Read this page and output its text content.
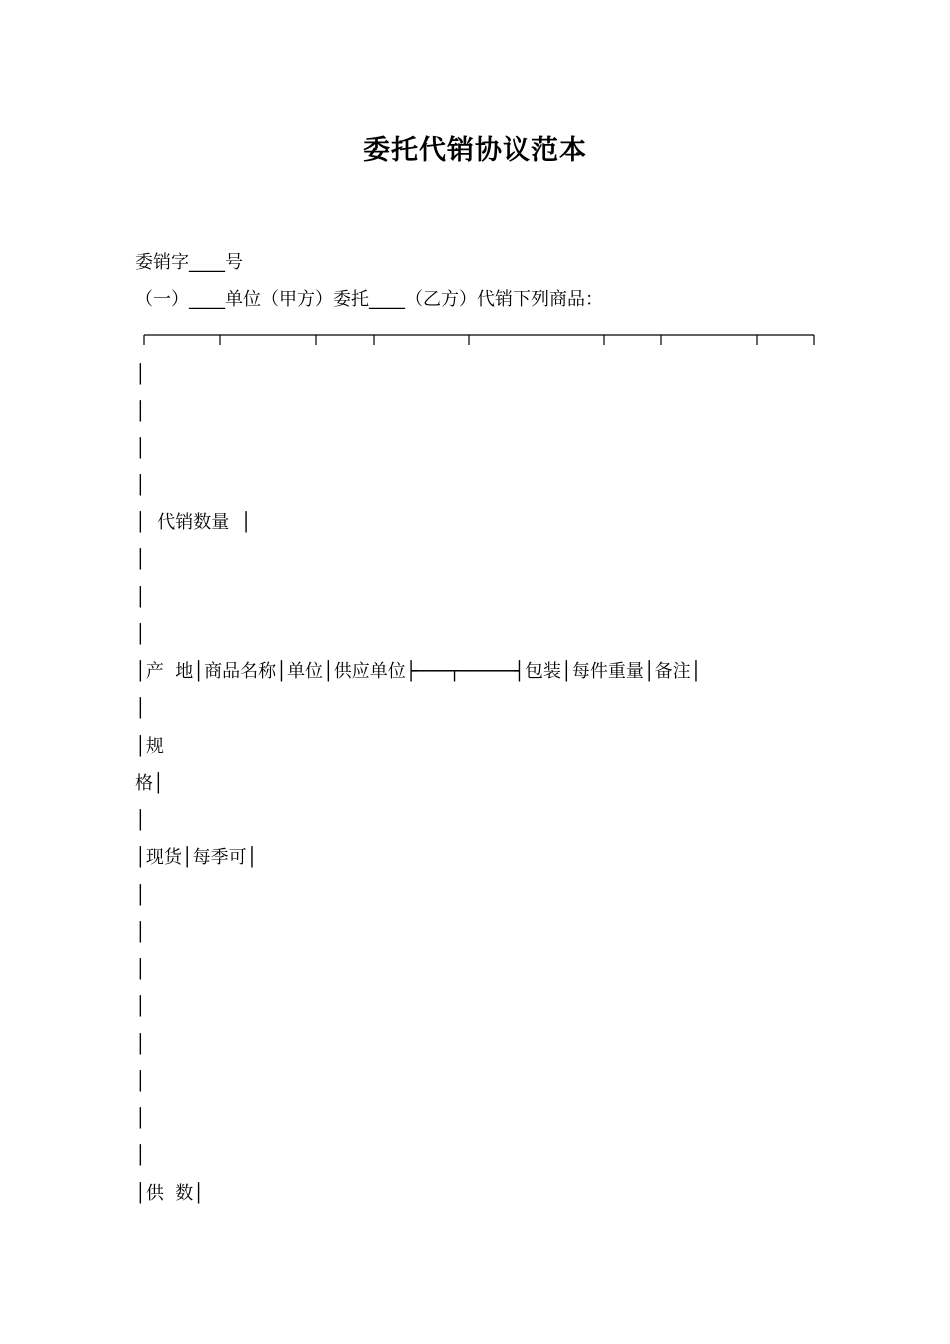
委托代销协议范本
委销字____号
（一）____单位（甲方）委托____（乙方）代销下列商品：
│
│
│
│
│  代销数量  │
│
│
│
│产  地│商品名称│单位│供应单位├───┬─────┤包装│每件重量│备注│
│
│规
格│
│
│现货│每季可│
│
│
│
│
│
│
│
│
│供  数│
